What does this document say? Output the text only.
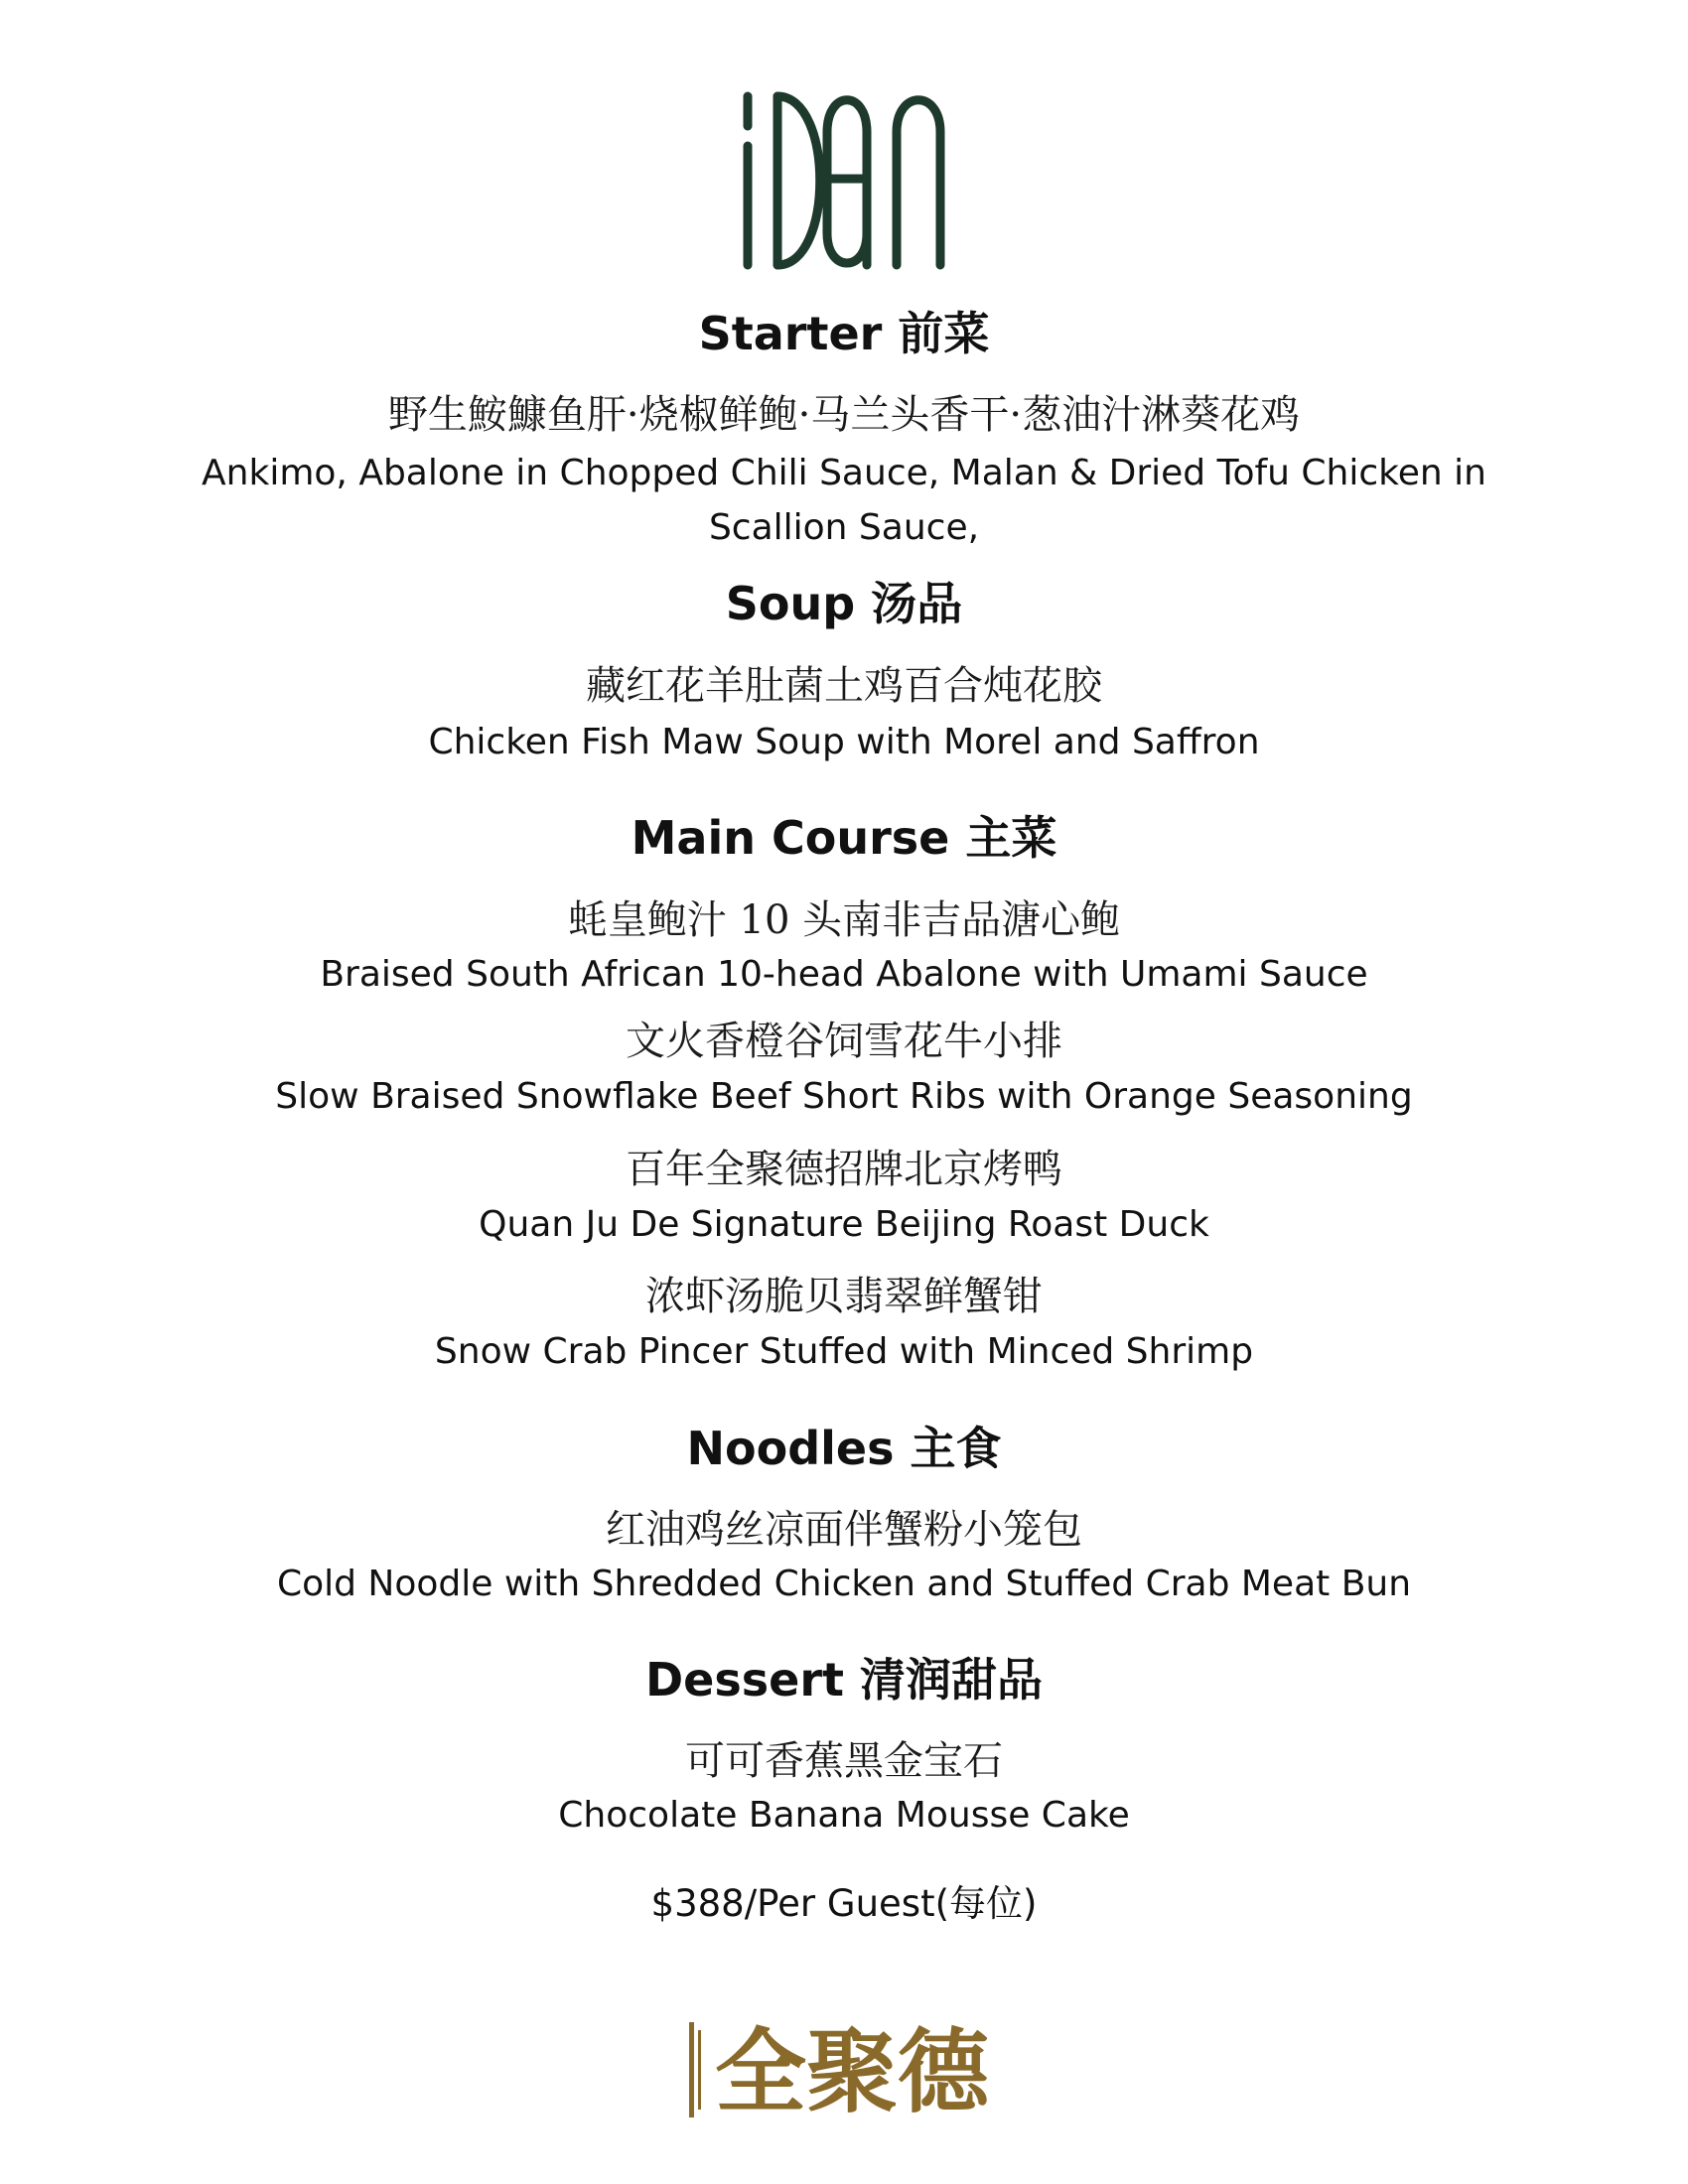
Starter 前菜
野生鮟鱇鱼肝·烧椒鲜鲍·马兰头香干·葱油汁淋葵花鸡
Ankimo, Abalone in Chopped Chili Sauce, Malan & Dried Tofu Chicken in Scallion Sauce,
Soup 汤品
藏红花羊肚菌土鸡百合炖花胶
Chicken Fish Maw Soup with Morel and Saffron
Main Course 主菜
蚝皇鲍汁 10 头南非吉品溏心鲍
Braised South African 10-head Abalone with Umami Sauce
文火香橙谷饲雪花牛小排
Slow Braised Snowflake Beef Short Ribs with Orange Seasoning
百年全聚德招牌北京烤鸭
Quan Ju De Signature Beijing Roast Duck
浓虾汤脆贝翡翠鲜蟹钳
Snow Crab Pincer Stuffed with Minced Shrimp
Noodles 主食
红油鸡丝凉面伴蟹粉小笼包
Cold Noodle with Shredded Chicken and Stuffed Crab Meat Bun
Dessert 清润甜品
可可香蕉黑金宝石
Chocolate Banana Mousse Cake
$388/Per Guest(每位)
全聚德
